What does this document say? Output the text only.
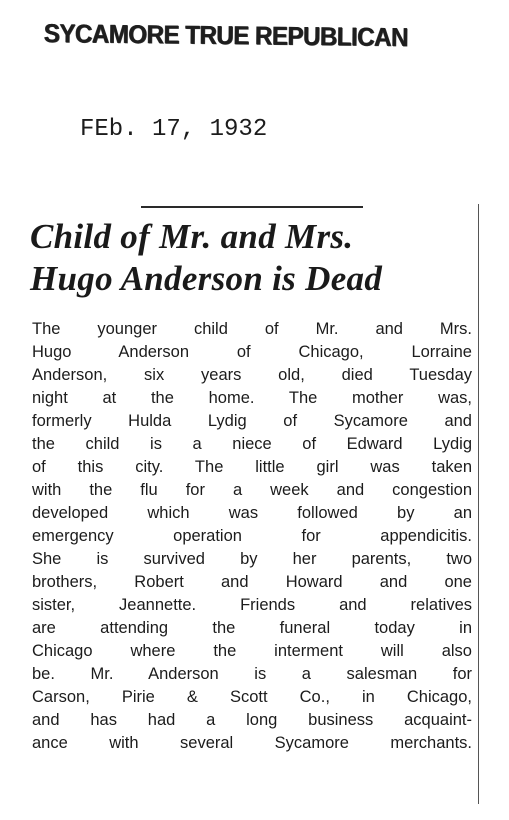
SYCAMORE TRUE REPUBLICAN
FEb. 17, 1932
Child of Mr. and Mrs.
Hugo Anderson is Dead
The younger child of Mr. and Mrs.
Hugo Anderson of Chicago, Lorraine
Anderson, six years old, died Tuesday
night at the home. The mother was,
formerly Hulda Lydig of Sycamore and
the child is a niece of Edward Lydig
of this city. The little girl was taken
with the flu for a week and congestion
developed which was followed by an
emergency operation for appendicitis.
She is survived by her parents, two
brothers, Robert and Howard and one
sister, Jeannette. Friends and relatives
are attending the funeral today in
Chicago where the interment will also
be. Mr. Anderson is a salesman for
Carson, Pirie & Scott Co., in Chicago,
and has had a long business acquaint-
ance with several Sycamore merchants.
